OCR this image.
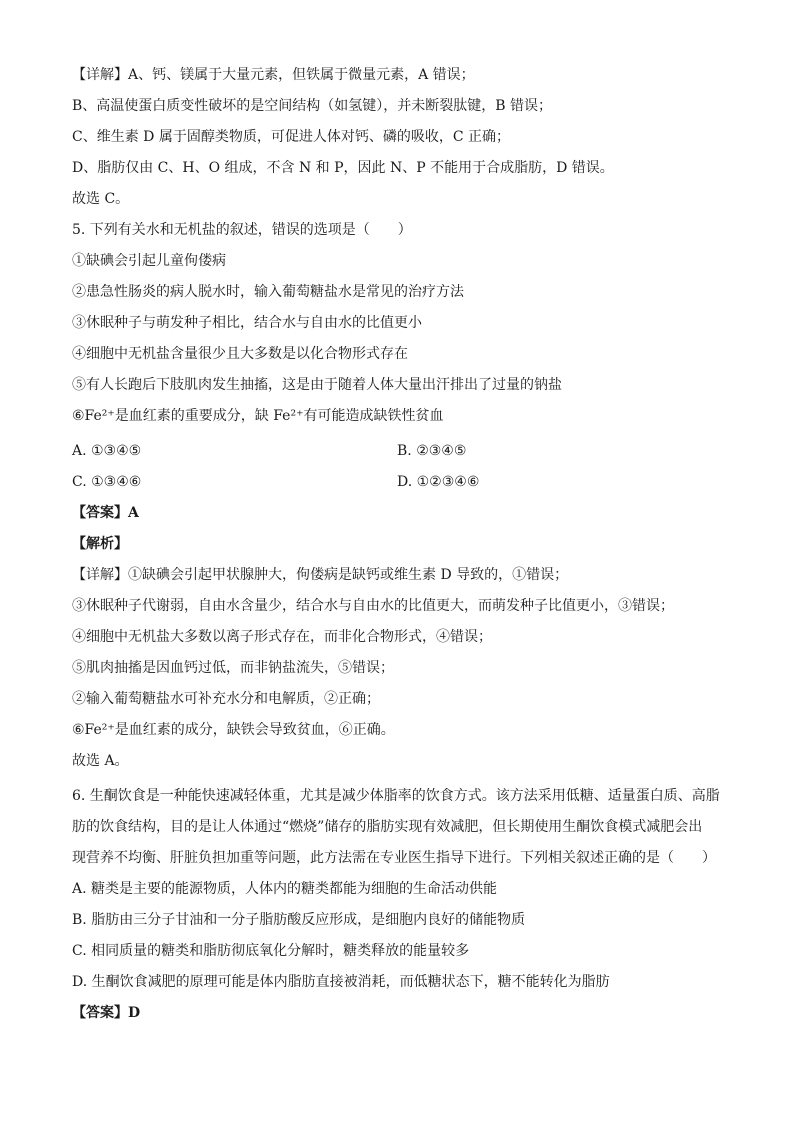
【详解】A、钙、镁属于大量元素，但铁属于微量元素，A 错误；
B、高温使蛋白质变性破坏的是空间结构（如氢键），并未断裂肽键，B 错误；
C、维生素 D 属于固醇类物质，可促进人体对钙、磷的吸收，C 正确；
D、脂肪仅由 C、H、O 组成，不含 N 和 P，因此 N、P 不能用于合成脂肪，D 错误。
故选 C。
5. 下列有关水和无机盐的叙述，错误的选项是（　　）
①缺碘会引起儿童佝偻病
②患急性肠炎的病人脱水时，输入葡萄糖盐水是常见的治疗方法
③休眠种子与萌发种子相比，结合水与自由水的比值更小
④细胞中无机盐含量很少且大多数是以化合物形式存在
⑤有人长跑后下肢肌肉发生抽搐，这是由于随着人体大量出汗排出了过量的钠盐
⑥Fe²⁺是血红素的重要成分，缺 Fe²⁺有可能造成缺铁性贫血
A. ①③④⑤	B. ②③④⑤
C. ①③④⑥	D. ①②③④⑥
【答案】A
【解析】
【详解】①缺碘会引起甲状腺肿大，佝偻病是缺钙或维生素 D 导致的，①错误；
③休眠种子代谢弱，自由水含量少，结合水与自由水的比值更大，而萌发种子比值更小，③错误；
④细胞中无机盐大多数以离子形式存在，而非化合物形式，④错误；
⑤肌肉抽搐是因血钙过低，而非钠盐流失，⑤错误；
②输入葡萄糖盐水可补充水分和电解质，②正确；
⑥Fe²⁺是血红素的成分，缺铁会导致贫血，⑥正确。
故选 A。
6. 生酮饮食是一种能快速减轻体重，尤其是减少体脂率的饮食方式。该方法采用低糖、适量蛋白质、高脂
肪的饮食结构，目的是让人体通过“燃烧”储存的脂肪实现有效减肥，但长期使用生酮饮食模式减肥会出
现营养不均衡、肝脏负担加重等问题，此方法需在专业医生指导下进行。下列相关叙述正确的是（　　）
A. 糖类是主要的能源物质，人体内的糖类都能为细胞的生命活动供能
B. 脂肪由三分子甘油和一分子脂肪酸反应形成，是细胞内良好的储能物质
C. 相同质量的糖类和脂肪彻底氧化分解时，糖类释放的能量较多
D. 生酮饮食减肥的原理可能是体内脂肪直接被消耗，而低糖状态下，糖不能转化为脂肪
【答案】D
